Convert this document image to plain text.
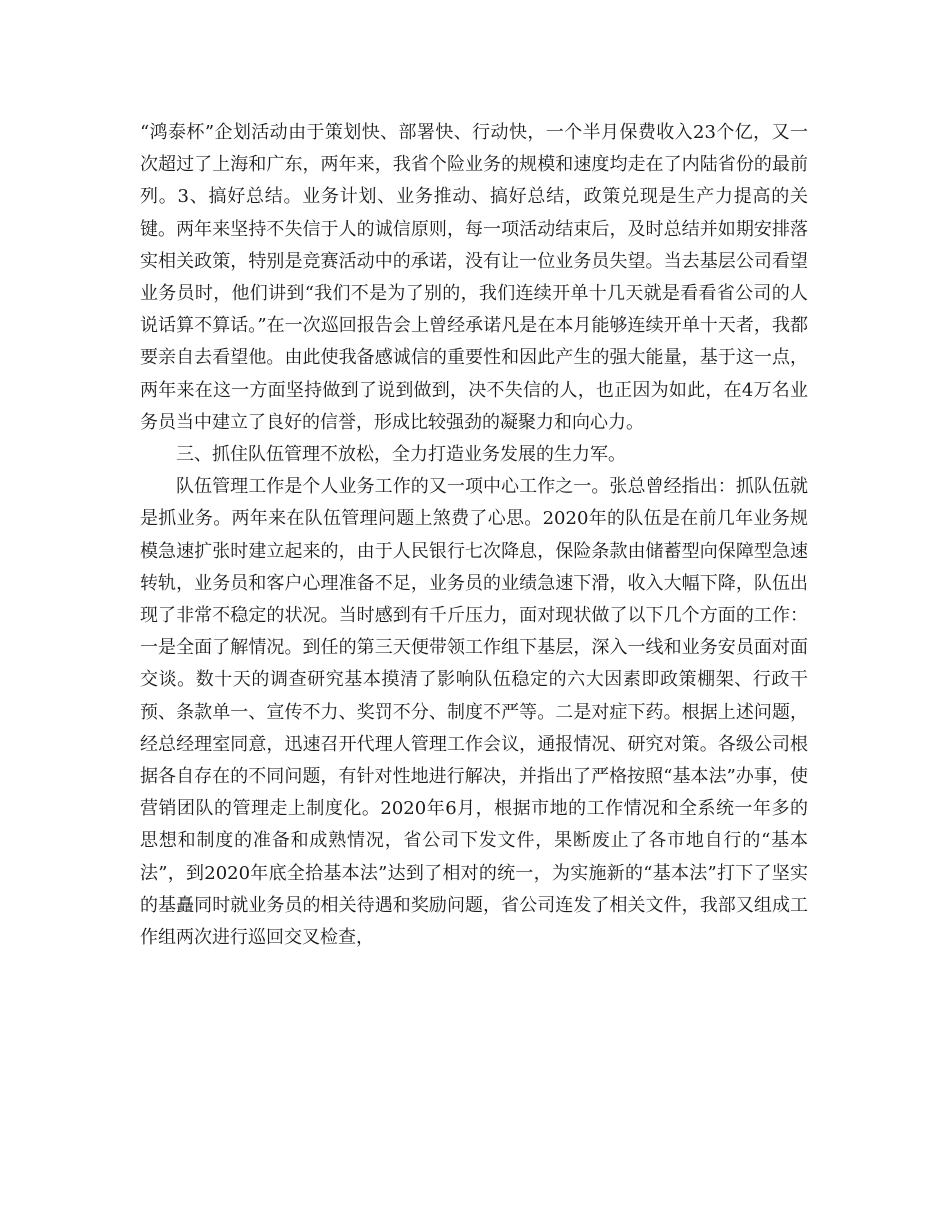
“鸿泰杯”企划活动由于策划快、部署快、行动快，一个半月保费收入23个亿，又一次超过了上海和广东，两年来，我省个险业务的规模和速度均走在了内陆省份的最前列。3、搞好总结。业务计划、业务推动、搞好总结，政策兑现是生产力提高的关键。两年来坚持不失信于人的诚信原则，每一项活动结束后，及时总结并如期安排落实相关政策，特别是竞赛活动中的承诺，没有让一位业务员失望。当去基层公司看望业务员时，他们讲到“我们不是为了别的，我们连续开单十几天就是看看省公司的人说话算不算话。”在一次巡回报告会上曾经承诺凡是在本月能够连续开单十天者，我都要亲自去看望他。由此使我备感诚信的重要性和因此产生的强大能量，基于这一点，两年来在这一方面坚持做到了说到做到，决不失信的人，也正因为如此，在4万名业务员当中建立了良好的信誉，形成比较强劲的凝聚力和向心力。

三、抓住队伍管理不放松，全力打造业务发展的生力军。

队伍管理工作是个人业务工作的又一项中心工作之一。张总曾经指出：抓队伍就是抓业务。两年来在队伍管理问题上煞费了心思。2020年的队伍是在前几年业务规模急速扩张时建立起来的，由于人民银行七次降息，保险条款由储蓄型向保障型急速转轨，业务员和客户心理准备不足，业务员的业绩急速下滑，收入大幅下降，队伍出现了非常不稳定的状况。当时感到有千斤压力，面对现状做了以下几个方面的工作：一是全面了解情况。到任的第三天便带领工作组下基层，深入一线和业务安员面对面交谈。数十天的调查研究基本摸清了影响队伍稳定的六大因素即政策棚架、行政干预、条款单一、宣传不力、奖罚不分、制度不严等。二是对症下药。根据上述问题，经总经理室同意，迅速召开代理人管理工作会议，通报情况、研究对策。各级公司根据各自存在的不同问题，有针对性地进行解决，并指出了严格按照“基本法”办事，使营销团队的管理走上制度化。2020年6月，根据市地的工作情况和全系统一年多的思想和制度的准备和成熟情况，省公司下发文件，果断废止了各市地自行的“基本法”，到2020年底全拾基本法”达到了相对的统一，为实施新的“基本法”打下了坚实的基矗同时就业务员的相关待遇和奖励问题，省公司连发了相关文件，我部又组成工作组两次进行巡回交叉检查，
